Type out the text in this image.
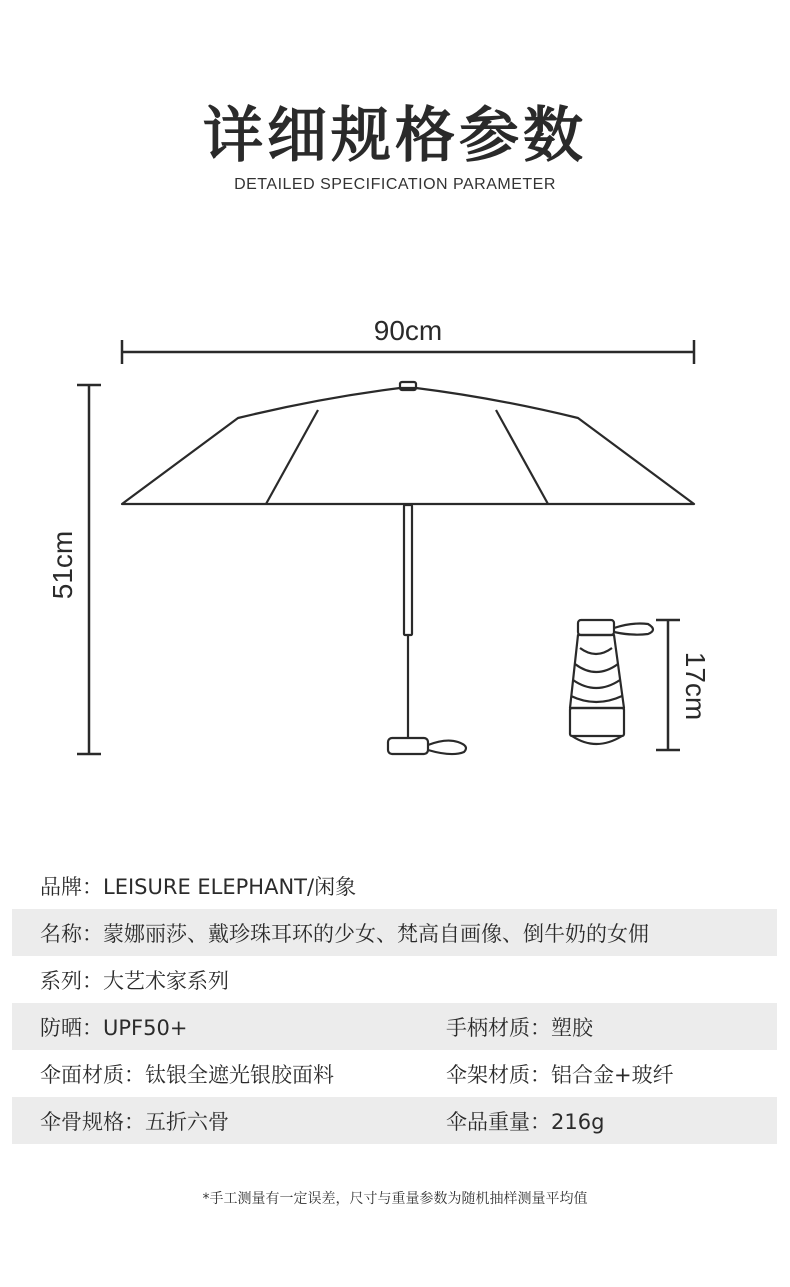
详细规格参数
DETAILED SPECIFICATION PARAMETER
90cm
51cm
17cm
品牌：LEISURE ELEPHANT/闲象
名称：蒙娜丽莎、戴珍珠耳环的少女、梵高自画像、倒牛奶的女佣
系列：大艺术家系列
防晒：UPF50+	手柄材质：塑胶
伞面材质：钛银全遮光银胶面料	伞架材质：铝合金+玻纤
伞骨规格：五折六骨	伞品重量：216g
*手工测量有一定误差，尺寸与重量参数为随机抽样测量平均值
